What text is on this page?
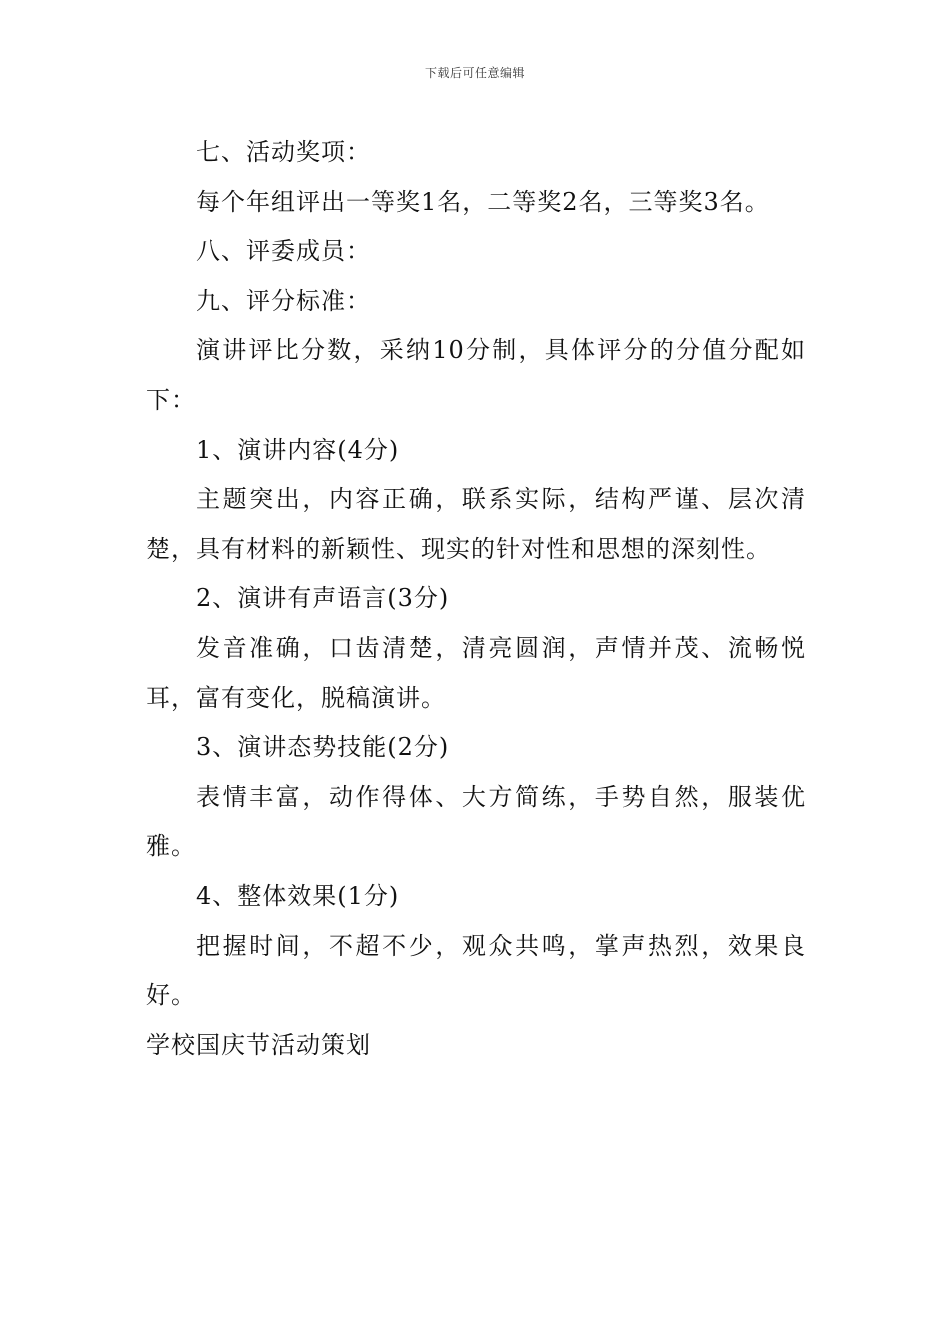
下载后可任意编辑

七、活动奖项：

每个年组评出一等奖1名，二等奖2名，三等奖3名。

八、评委成员：

九、评分标准：

演讲评比分数，采纳10分制，具体评分的分值分配如下：

1、演讲内容(4分)

主题突出，内容正确，联系实际，结构严谨、层次清楚，具有材料的新颖性、现实的针对性和思想的深刻性。

2、演讲有声语言(3分)

发音准确，口齿清楚，清亮圆润，声情并茂、流畅悦耳，富有变化，脱稿演讲。

3、演讲态势技能(2分)

表情丰富，动作得体、大方简练，手势自然，服装优雅。

4、整体效果(1分)

把握时间，不超不少，观众共鸣，掌声热烈，效果良好。

学校国庆节活动策划
